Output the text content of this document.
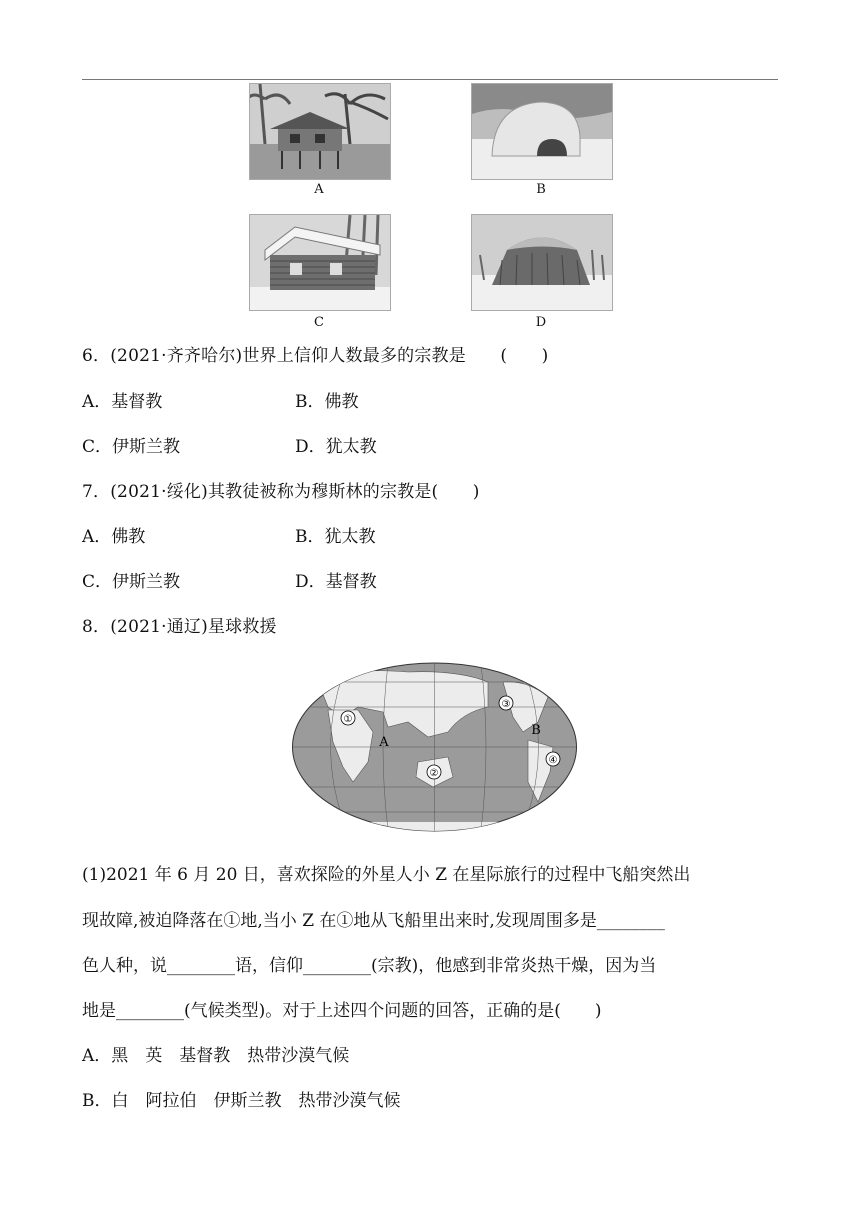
A	B
C	D
6．(2021·齐齐哈尔)世界上信仰人数最多的宗教是　　(　　)
A．基督教	B．佛教
C．伊斯兰教	D．犹太教
7．(2021·绥化)其教徒被称为穆斯林的宗教是(　　)
A．佛教	B．犹太教
C．伊斯兰教	D．基督教
8．(2021·通辽)星球救援
①
②
③
④
A
B
(1)2021 年 6 月 20 日，喜欢探险的外星人小 Z 在星际旅行的过程中飞船突然出
现故障,被迫降落在①地,当小 Z 在①地从飞船里出来时,发现周围多是________
色人种，说________语，信仰________(宗教)，他感到非常炎热干燥，因为当
地是________(气候类型)。对于上述四个问题的回答，正确的是(　　)
A．黑　英　基督教　热带沙漠气候
B．白　阿拉伯　伊斯兰教　热带沙漠气候
